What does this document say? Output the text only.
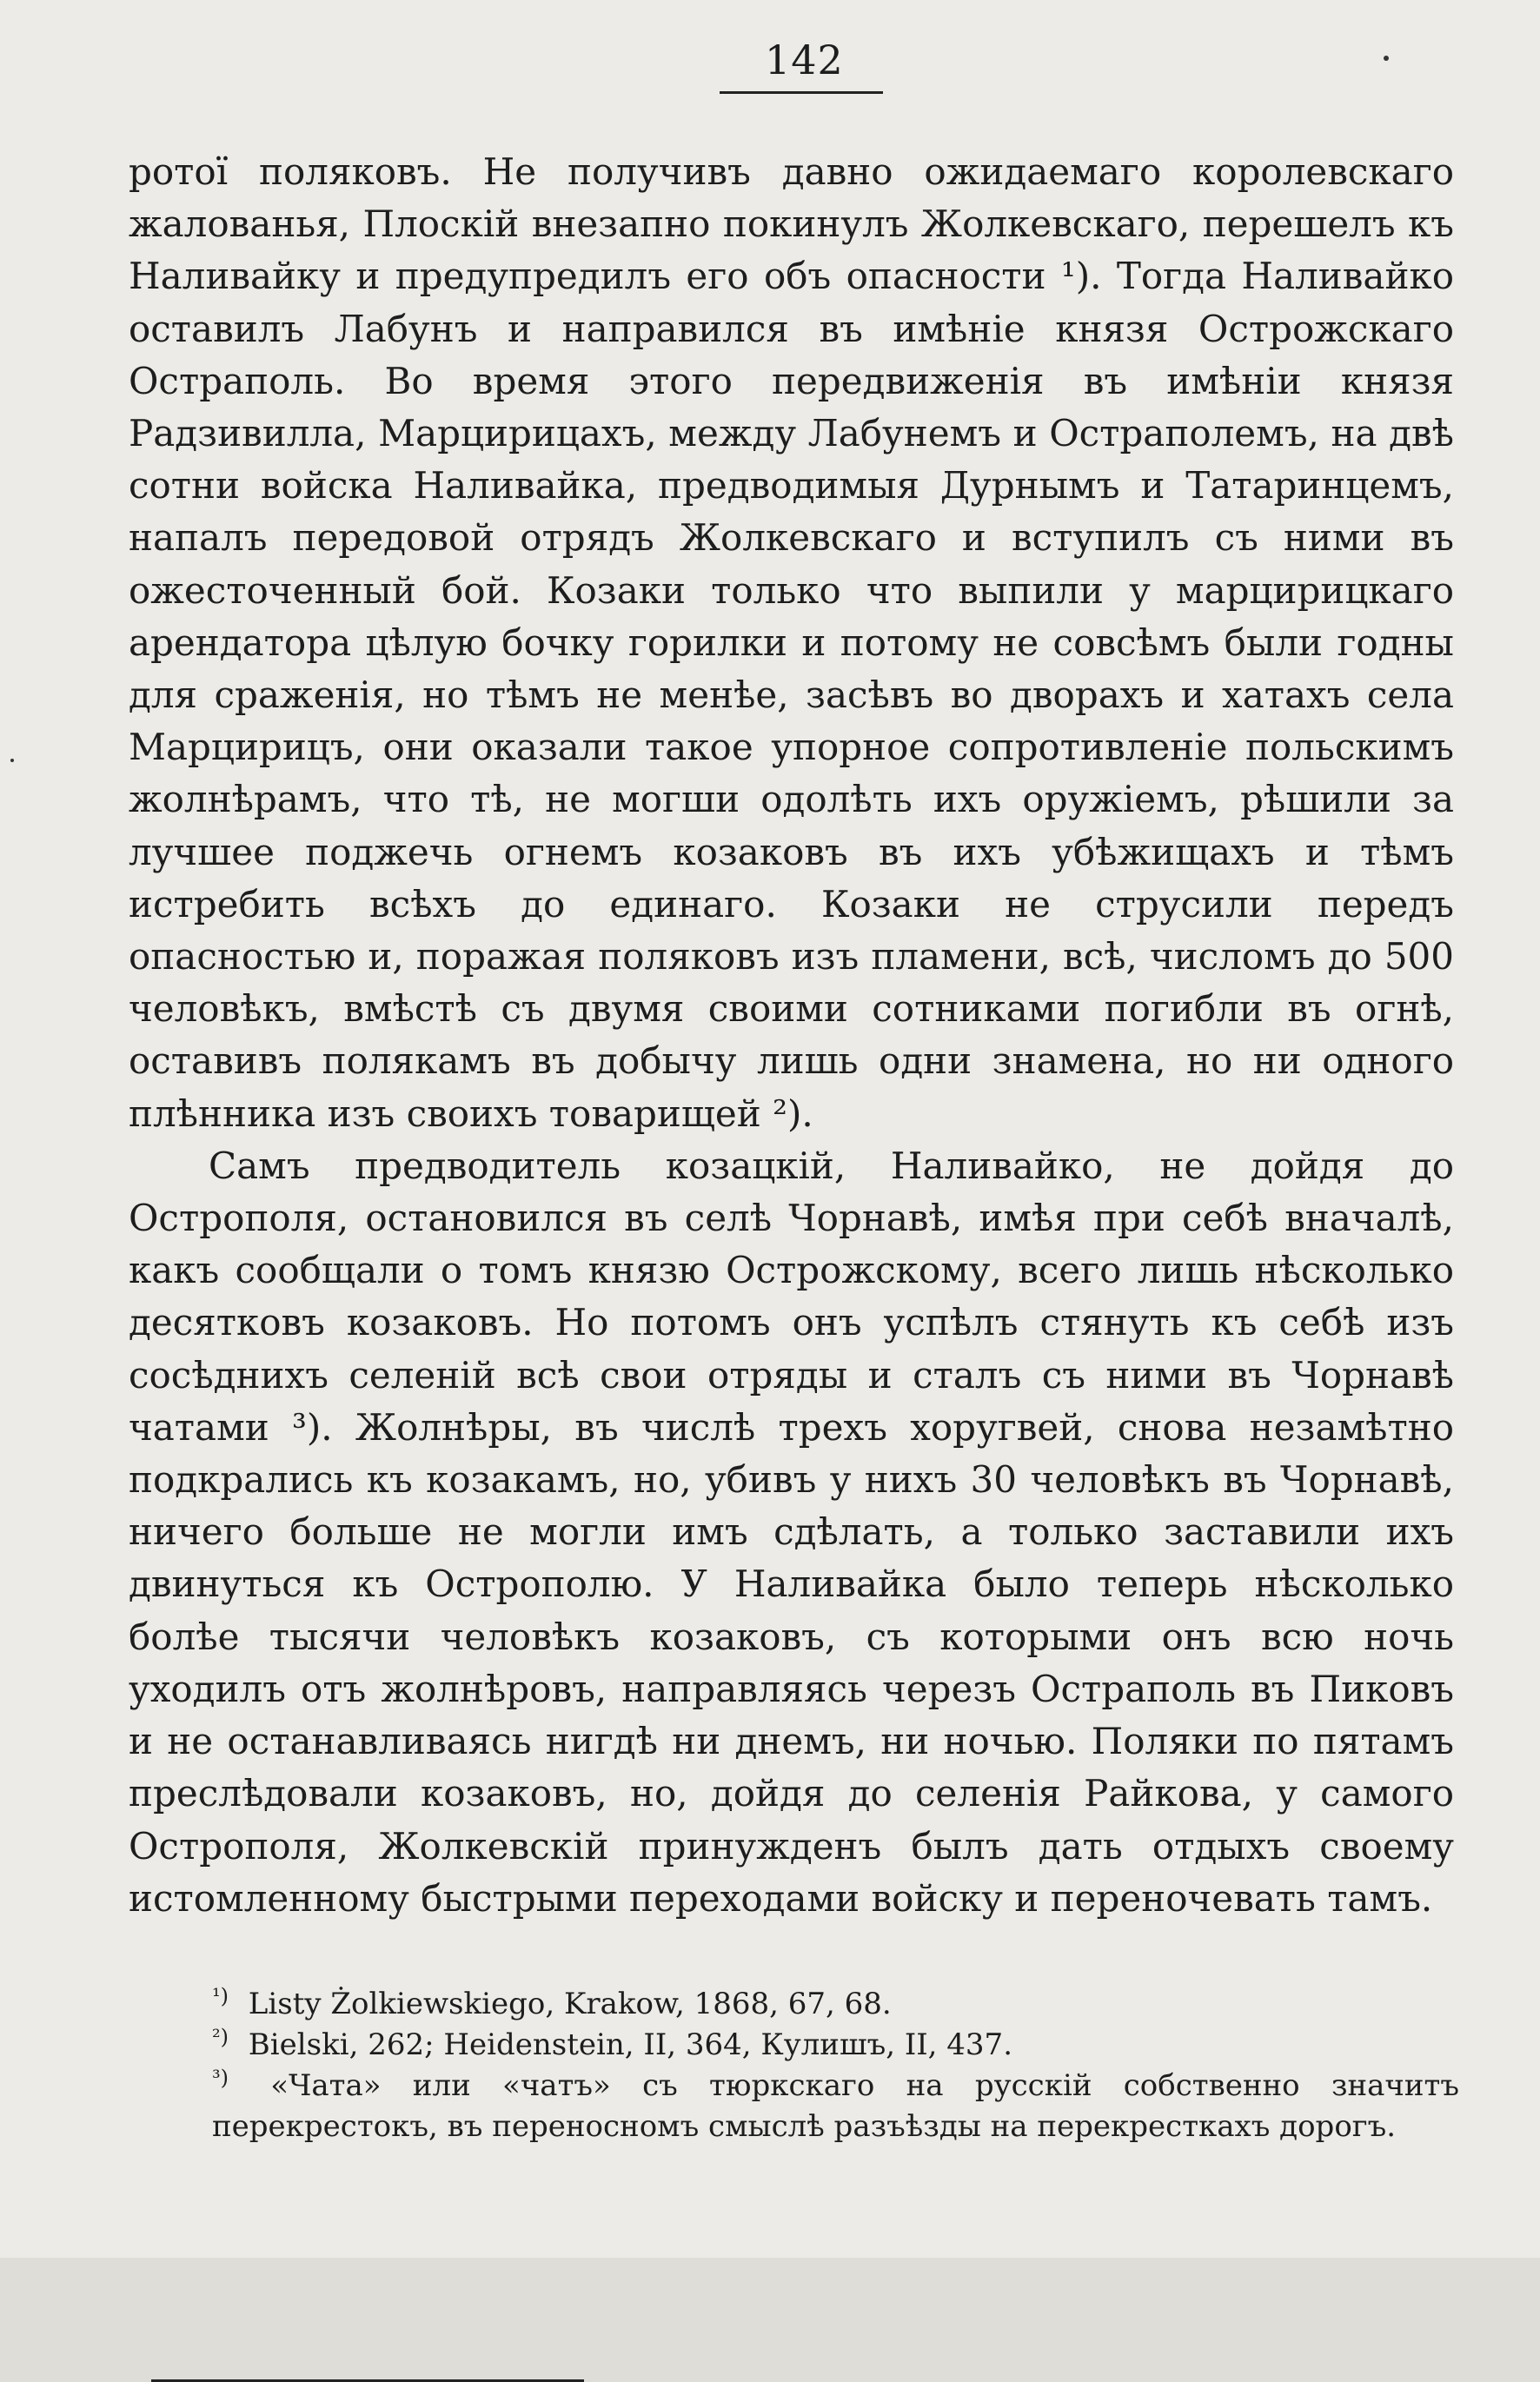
142

ротої поляковъ. Не получивъ давно ожидаемаго королевскаго жалованья, Плоскій внезапно покинулъ Жолкевскаго, перешелъ къ Наливайку и предупредилъ его объ опасности ¹). Тогда Наливайко оставилъ Лабунъ и направился въ имѣніе князя Острожскаго Остраполь. Во время этого передвиженія въ имѣніи князя Радзивилла, Марцирицахъ, между Лабунемъ и Остраполемъ, на двѣ сотни войска Наливайка, предводимыя Дурнымъ и Татаринцемъ, напалъ передовой отрядъ Жолкевскаго и вступилъ съ ними въ ожесточенный бой. Козаки только что выпили у марцирицкаго арендатора цѣлую бочку горилки и потому не совсѣмъ были годны для сраженія, но тѣмъ не менѣе, засѣвъ во дворахъ и хатахъ села Марцирицъ, они оказали такое упорное сопротивленіе польскимъ жолнѣрамъ, что тѣ, не могши одолѣть ихъ оружіемъ, рѣшили за лучшее поджечь огнемъ козаковъ въ ихъ убѣжищахъ и тѣмъ истребить всѣхъ до единаго. Козаки не струсили передъ опасностью и, поражая поляковъ изъ пламени, всѣ, числомъ до 500 человѣкъ, вмѣстѣ съ двумя своими сотниками погибли въ огнѣ, оставивъ полякамъ въ добычу лишь одни знамена, но ни одного плѣнника изъ своихъ товарищей ²).

Самъ предводитель козацкій, Наливайко, не дойдя до Острополя, остановился въ селѣ Чорнавѣ, имѣя при себѣ вначалѣ, какъ сообщали о томъ князю Острожскому, всего лишь нѣсколько десятковъ козаковъ. Но потомъ онъ успѣлъ стянуть къ себѣ изъ сосѣднихъ селеній всѣ свои отряды и сталъ съ ними въ Чорнавѣ чатами ³). Жолнѣры, въ числѣ трехъ хоругвей, снова незамѣтно подкрались къ козакамъ, но, убивъ у нихъ 30 человѣкъ въ Чорнавѣ, ничего больше не могли имъ сдѣлать, а только заставили ихъ двинуться къ Острополю. У Наливайка было теперь нѣсколько болѣе тысячи человѣкъ козаковъ, съ которыми онъ всю ночь уходилъ отъ жолнѣровъ, направляясь черезъ Остраполь въ Пиковъ и не останавливаясь нигдѣ ни днемъ, ни ночью. Поляки по пятамъ преслѣдовали козаковъ, но, дойдя до селенія Райкова, у самого Острополя, Жолкевскій принужденъ былъ дать отдыхъ своему истомленному быстрыми переходами войску и переночевать тамъ.

$^{^1)}$ Listy Żolkiewskiego, Krakow, 1868, 67, 68.

$^{^2)}$ Bielski, 262; Heidenstein, II, 364, Кулишъ, II, 437.

$^{^3)}$ «Чата» или «чатъ» съ тюркскаго на русскій собственно значитъ перекрестокъ, въ переносномъ смыслѣ разъѣзды на перекресткахъ дорогъ.
